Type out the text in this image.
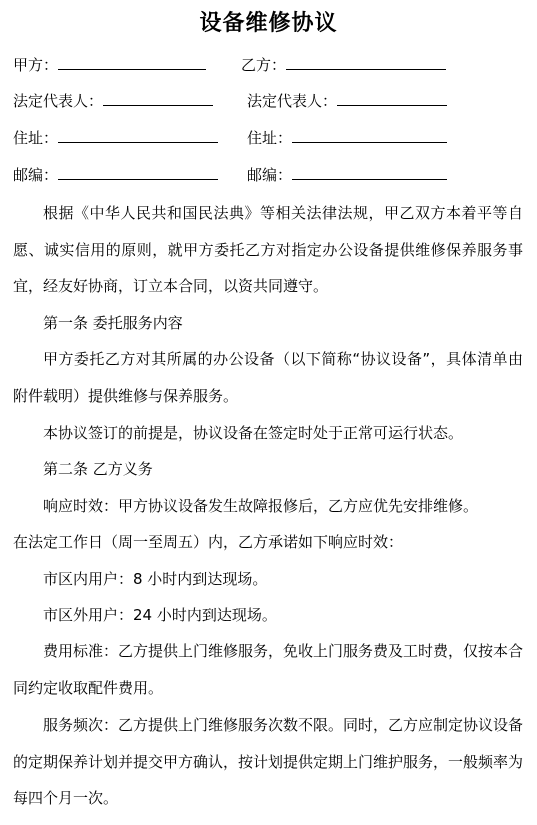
设备维修协议
甲方：	乙方：
法定代表人：	法定代表人：
住址：	住址：
邮编：	邮编：

根据《中华人民共和国民法典》等相关法律法规，甲乙双方本着平等自愿、诚实信用的原则，就甲方委托乙方对指定办公设备提供维修保养服务事宜，经友好协商，订立本合同，以资共同遵守。

第一条 委托服务内容

甲方委托乙方对其所属的办公设备（以下简称“协议设备”，具体清单由附件载明）提供维修与保养服务。

本协议签订的前提是，协议设备在签定时处于正常可运行状态。

第二条 乙方义务

响应时效：甲方协议设备发生故障报修后，乙方应优先安排维修。

在法定工作日（周一至周五）内，乙方承诺如下响应时效：

市区内用户：8 小时内到达现场。

市区外用户：24 小时内到达现场。

费用标准：乙方提供上门维修服务，免收上门服务费及工时费，仅按本合同约定收取配件费用。

服务频次：乙方提供上门维修服务次数不限。同时，乙方应制定协议设备的定期保养计划并提交甲方确认，按计划提供定期上门维护服务，一般频率为每四个月一次。
